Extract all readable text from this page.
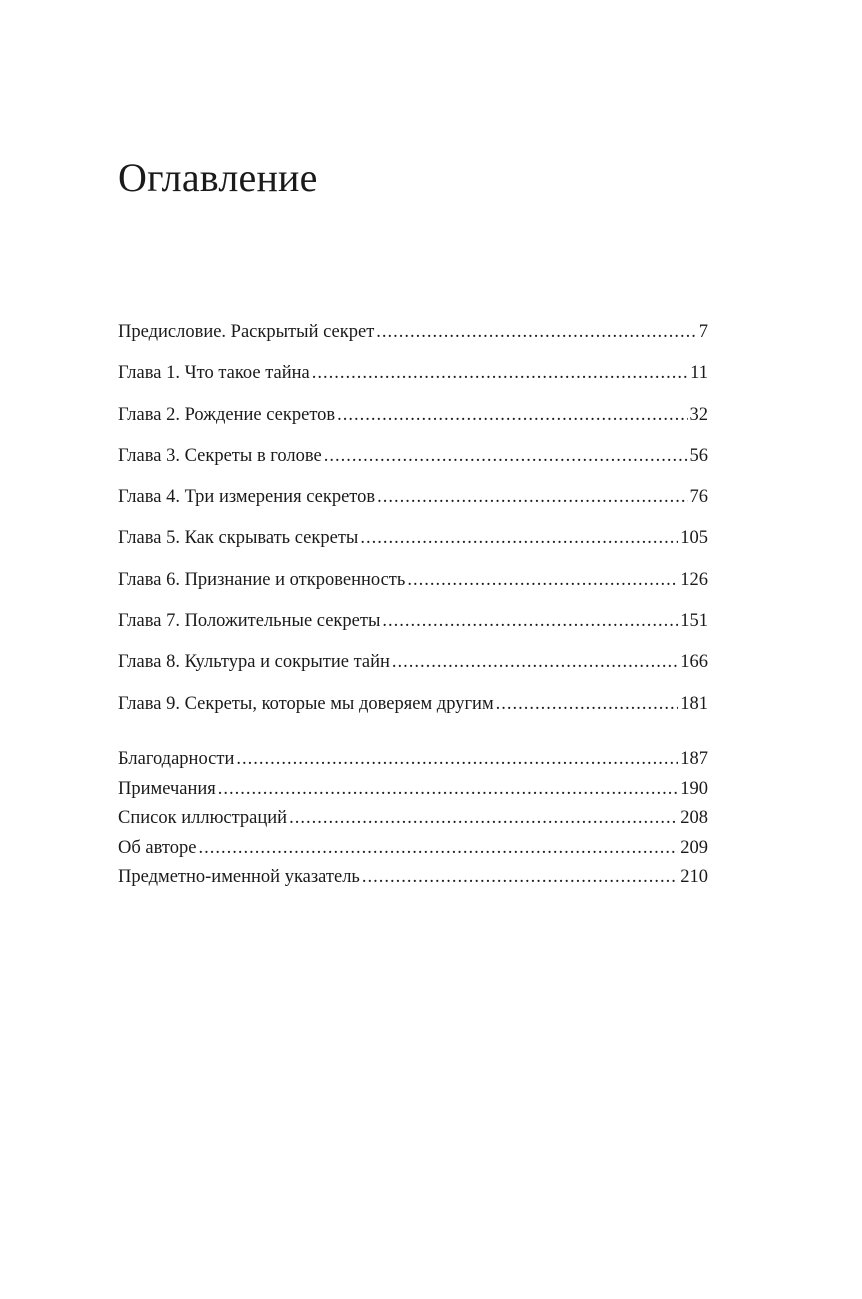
Оглавление
Предисловие. Раскрытый секрет .....	7
Глава 1. Что такое тайна .....	11
Глава 2. Рождение секретов .....	32
Глава 3. Секреты в голове .....	56
Глава 4. Три измерения секретов .....	76
Глава 5. Как скрывать секреты .....	105
Глава 6. Признание и откровенность .....	126
Глава 7. Положительные секреты .....	151
Глава 8. Культура и сокрытие тайн .....	166
Глава 9. Секреты, которые мы доверяем другим .....	181
Благодарности .....	187
Примечания .....	190
Список иллюстраций .....	208
Об авторе .....	209
Предметно-именной указатель .....	210
